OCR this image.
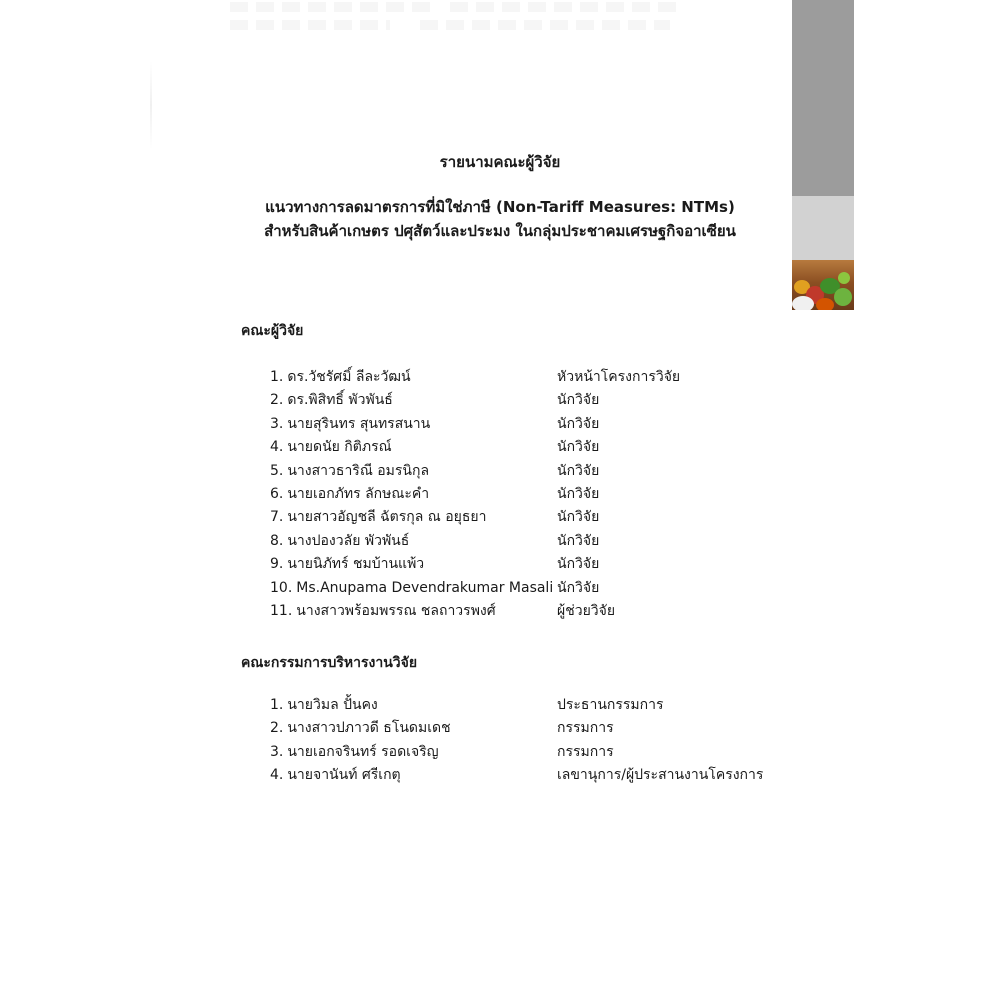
รายนามคณะผู้วิจัย
แนวทางการลดมาตรการที่มิใช่ภาษี (Non-Tariff Measures: NTMs)
สำหรับสินค้าเกษตร ปศุสัตว์และประมง ในกลุ่มประชาคมเศรษฐกิจอาเซียน
คณะผู้วิจัย
1. ดร.วัชรัศมิ์ ลีละวัฒน์	หัวหน้าโครงการวิจัย
2. ดร.พิสิทธิ์ พัวพันธ์	นักวิจัย
3. นายสุรินทร สุนทรสนาน	นักวิจัย
4. นายดนัย กิติภรณ์	นักวิจัย
5. นางสาวธาริณี อมรนิกุล	นักวิจัย
6. นายเอกภัทร ลักษณะคำ	นักวิจัย
7. นายสาวอัญชลี ฉัตรกุล ณ อยุธยา	นักวิจัย
8. นางปองวลัย พัวพันธ์	นักวิจัย
9. นายนิภัทร์ ชมบ้านแพ้ว	นักวิจัย
10. Ms.Anupama Devendrakumar Masali นักวิจัย
11. นางสาวพร้อมพรรณ ชลถาวรพงศ์	ผู้ช่วยวิจัย
คณะกรรมการบริหารงานวิจัย
1. นายวิมล ปั้นคง	ประธานกรรมการ
2. นางสาวปภาวดี ธโนดมเดช	กรรมการ
3. นายเอกจรินทร์ รอดเจริญ	กรรมการ
4. นายจานันท์ ศรีเกตุ	เลขานุการ/ผู้ประสานงานโครงการ
